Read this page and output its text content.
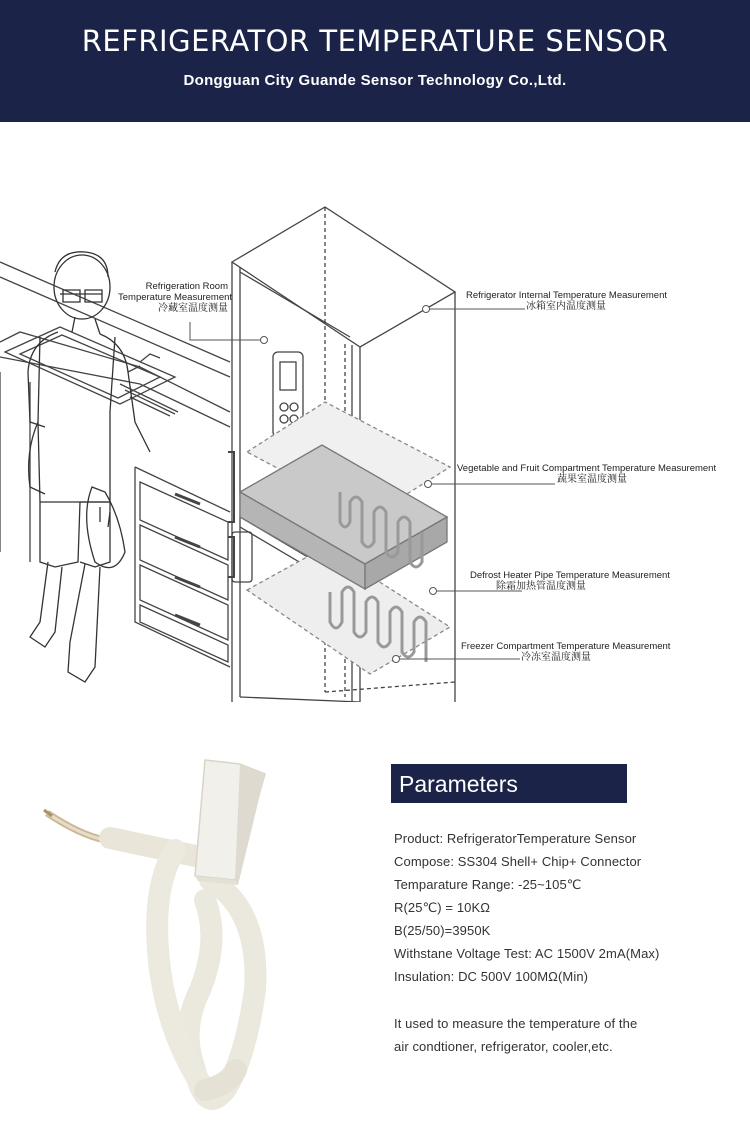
REFRIGERATOR TEMPERATURE SENSOR
Dongguan City Guande Sensor Technology Co.,Ltd.
Refrigeration Room
Temperature Measurement
冷藏室温度测量
Refrigerator Internal Temperature Measurement
冰箱室内温度测量
Vegetable and Fruit Compartment Temperature Measurement
蔬果室温度测量
Defrost Heater Pipe Temperature Measurement
除霜加热管温度测量
Freezer Compartment Temperature Measurement
冷冻室温度测量
Parameters
Product: RefrigeratorTemperature Sensor
Compose: SS304 Shell+ Chip+ Connector
Temparature Range: -25~105℃
R(25℃) = 10KΩ
B(25/50)=3950K
Withstane Voltage Test: AC 1500V 2mA(Max)
Insulation: DC 500V 100MΩ(Min)
It used to measure the temperature of the
air condtioner, refrigerator, cooler,etc.
